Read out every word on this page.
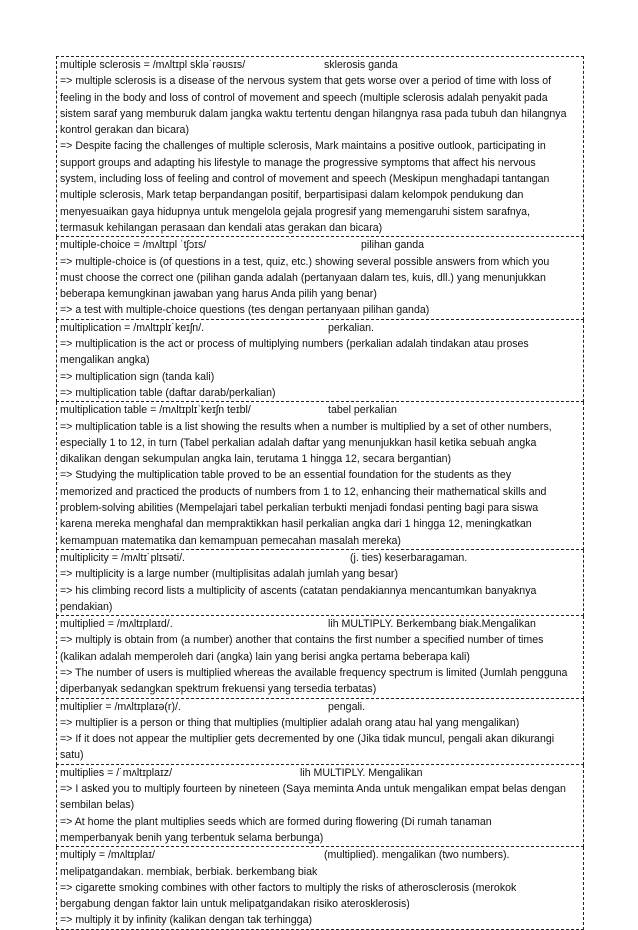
multiple sclerosis = /mʌltɪpl sklə˙rəʊsɪs/	sklerosis ganda
=> multiple sclerosis is a disease of the nervous system that gets worse over a period of time with loss of
feeling in the body and loss of control of movement and speech (multiple sclerosis adalah penyakit pada
sistem saraf yang memburuk dalam jangka waktu tertentu dengan hilangnya rasa pada tubuh dan hilangnya
kontrol gerakan dan bicara)
=> Despite facing the challenges of multiple sclerosis, Mark maintains a positive outlook, participating in
support groups and adapting his lifestyle to manage the progressive symptoms that affect his nervous
system, including loss of feeling and control of movement and speech (Meskipun menghadapi tantangan
multiple sclerosis, Mark tetap berpandangan positif, berpartisipasi dalam kelompok pendukung dan
menyesuaikan gaya hidupnya untuk mengelola gejala progresif yang memengaruhi sistem sarafnya,
termasuk kehilangan perasaan dan kendali atas gerakan dan bicara)
multiple-choice = /mʌltɪpl ˈtʃɔɪs/	pilihan ganda
=> multiple-choice is (of questions in a test, quiz, etc.) showing several possible answers from which you
must choose the correct one (pilihan ganda adalah (pertanyaan dalam tes, kuis, dll.) yang menunjukkan
beberapa kemungkinan jawaban yang harus Anda pilih yang benar)
=> a test with multiple-choice questions (tes dengan pertanyaan pilihan ganda)
multiplication = /mʌltɪplɪ˙keɪʃn/.	perkalian.
=> multiplication is the act or process of multiplying numbers (perkalian adalah tindakan atau proses
mengalikan angka)
=> multiplication sign (tanda kali)
=> multiplication table (daftar darab/perkalian)
multiplication table = /mʌltɪplɪˈkeɪʃn teɪbl/	tabel perkalian
=> multiplication table is a list showing the results when a number is multiplied by a set of other numbers,
especially 1 to 12, in turn (Tabel perkalian adalah daftar yang menunjukkan hasil ketika sebuah angka
dikalikan dengan sekumpulan angka lain, terutama 1 hingga 12, secara bergantian)
=> Studying the multiplication table proved to be an essential foundation for the students as they
memorized and practiced the products of numbers from 1 to 12, enhancing their mathematical skills and
problem-solving abilities (Mempelajari tabel perkalian terbukti menjadi fondasi penting bagi para siswa
karena mereka menghafal dan mempraktikkan hasil perkalian angka dari 1 hingga 12, meningkatkan
kemampuan matematika dan kemampuan pemecahan masalah mereka)
multiplicity = /mʌltɪ˙plɪsəti/.	(j. ties) keserbaragaman.
=> multiplicity is a large number (multiplisitas adalah jumlah yang besar)
=> his climbing record lists a multiplicity of ascents (catatan pendakiannya mencantumkan banyaknya
pendakian)
multiplied = /mʌltɪplaɪd/.	lih MULTIPLY. Berkembang biak.Mengalikan
=> multiply is obtain from (a number) another that contains the first number a specified number of times
(kalikan adalah memperoleh dari (angka) lain yang berisi angka pertama beberapa kali)
=> The number of users is multiplied whereas the available frequency spectrum is limited (Jumlah pengguna
diperbanyak sedangkan spektrum frekuensi yang tersedia terbatas)
multiplier = /mʌltɪplaɪə(r)/.	pengali.
=> multiplier is a person or thing that multiplies (multiplier adalah orang atau hal yang mengalikan)
=> If it does not appear the multiplier gets decremented by one (Jika tidak muncul, pengali akan dikurangi
satu)
multiplies = /˙mʌltɪplaɪz/	lih MULTIPLY. Mengalikan
=> I asked you to multiply fourteen by nineteen (Saya meminta Anda untuk mengalikan empat belas dengan
sembilan belas)
=> At home the plant multiplies seeds which are formed during flowering (Di rumah tanaman
memperbanyak benih yang terbentuk selama berbunga)
multiply = /mʌltɪplaɪ/	(multiplied). mengalikan (two numbers).
melipatgandakan. membiak, berbiak. berkembang biak
=> cigarette smoking combines with other factors to multiply the risks of atherosclerosis (merokok
bergabung dengan faktor lain untuk melipatgandakan risiko aterosklerosis)
=> multiply it by infinity (kalikan dengan tak terhingga)
